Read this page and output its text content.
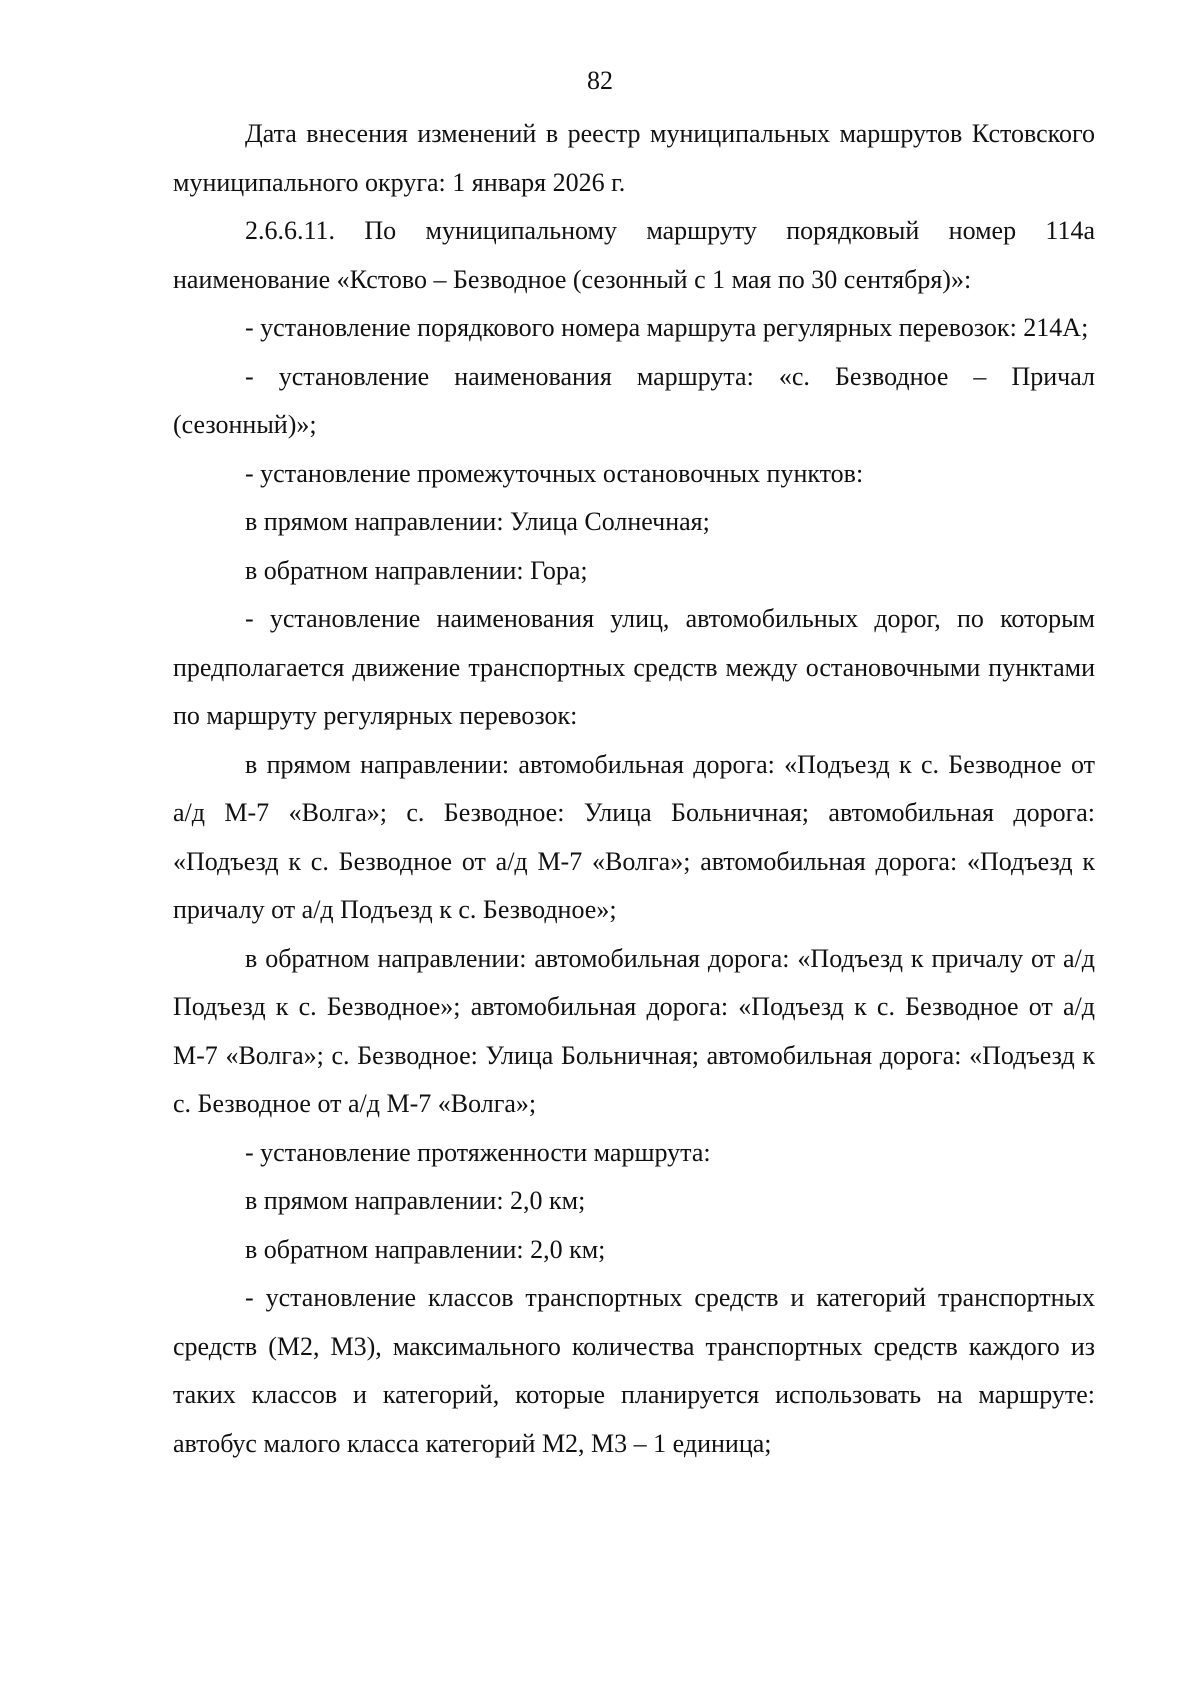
82

Дата внесения изменений в реестр муниципальных маршрутов Кстовского муниципального округа: 1 января 2026 г.

2.6.6.11. По муниципальному маршруту порядковый номер 114а наименование «Кстово – Безводное (сезонный с 1 мая по 30 сентября)»:

- установление порядкового номера маршрута регулярных перевозок: 214А;

- установление наименования маршрута: «с. Безводное – Причал (сезонный)»;

- установление промежуточных остановочных пунктов:

в прямом направлении: Улица Солнечная;

в обратном направлении: Гора;

- установление наименования улиц, автомобильных дорог, по которым предполагается движение транспортных средств между остановочными пунктами по маршруту регулярных перевозок:

в прямом направлении: автомобильная дорога: «Подъезд к с. Безводное от а/д М-7 «Волга»; с. Безводное: Улица Больничная; автомобильная дорога: «Подъезд к с. Безводное от а/д М-7 «Волга»; автомобильная дорога: «Подъезд к причалу от а/д Подъезд к с. Безводное»;

в обратном направлении: автомобильная дорога: «Подъезд к причалу от а/д Подъезд к с. Безводное»; автомобильная дорога: «Подъезд к с. Безводное от а/д М-7 «Волга»; с. Безводное: Улица Больничная; автомобильная дорога: «Подъезд к с. Безводное от а/д М-7 «Волга»;

- установление протяженности маршрута:

в прямом направлении: 2,0 км;

в обратном направлении: 2,0 км;

- установление классов транспортных средств и категорий транспортных средств (М2, М3), максимального количества транспортных средств каждого из таких классов и категорий, которые планируется использовать на маршруте: автобус малого класса категорий М2, М3 – 1 единица;
